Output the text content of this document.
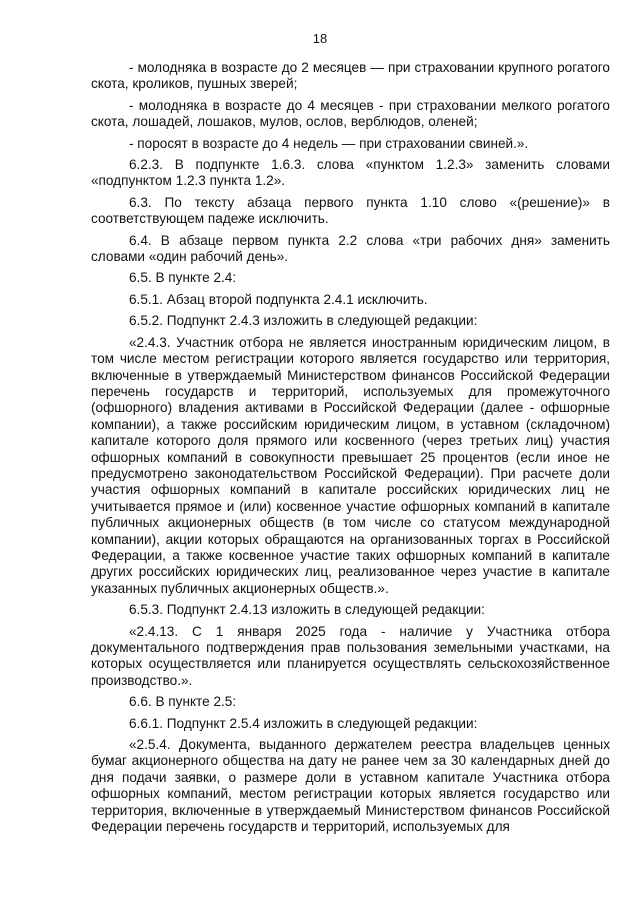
18

- молодняка в возрасте до 2 месяцев — при страховании крупного рогатого скота, кроликов, пушных зверей;

- молодняка в возрасте до 4 месяцев - при страховании мелкого рогатого скота, лошадей, лошаков, мулов, ослов, верблюдов, оленей;

- поросят в возрасте до 4 недель — при страховании свиней.».

6.2.3. В подпункте 1.6.3. слова «пунктом 1.2.3» заменить словами «подпунктом 1.2.3 пункта 1.2».

6.3. По тексту абзаца первого пункта 1.10 слово «(решение)» в соответствующем падеже исключить.

6.4. В абзаце первом пункта 2.2 слова «три рабочих дня» заменить словами «один рабочий день».

6.5. В пункте 2.4:

6.5.1. Абзац второй подпункта 2.4.1 исключить.

6.5.2. Подпункт 2.4.3 изложить в следующей редакции:

«2.4.3. Участник отбора не является иностранным юридическим лицом, в том числе местом регистрации которого является государство или территория, включенные в утверждаемый Министерством финансов Российской Федерации перечень государств и территорий, используемых для промежуточного (офшорного) владения активами в Российской Федерации (далее - офшорные компании), а также российским юридическим лицом, в уставном (складочном) капитале которого доля прямого или косвенного (через третьих лиц) участия офшорных компаний в совокупности превышает 25 процентов (если иное не предусмотрено законодательством Российской Федерации). При расчете доли участия офшорных компаний в капитале российских юридических лиц не учитывается прямое и (или) косвенное участие офшорных компаний в капитале публичных акционерных обществ (в том числе со статусом международной компании), акции которых обращаются на организованных торгах в Российской Федерации, а также косвенное участие таких офшорных компаний в капитале других российских юридических лиц, реализованное через участие в капитале указанных публичных акционерных обществ.».

6.5.3. Подпункт 2.4.13 изложить в следующей редакции:

«2.4.13. С 1 января 2025 года - наличие у Участника отбора документального подтверждения прав пользования земельными участками, на которых осуществляется или планируется осуществлять сельскохозяйственное производство.».

6.6. В пункте 2.5:

6.6.1. Подпункт 2.5.4 изложить в следующей редакции:

«2.5.4. Документа, выданного держателем реестра владельцев ценных бумаг акционерного общества на дату не ранее чем за 30 календарных дней до дня подачи заявки, о размере доли в уставном капитале Участника отбора офшорных компаний, местом регистрации которых является государство или территория, включенные в утверждаемый Министерством финансов Российской Федерации перечень государств и территорий, используемых для
